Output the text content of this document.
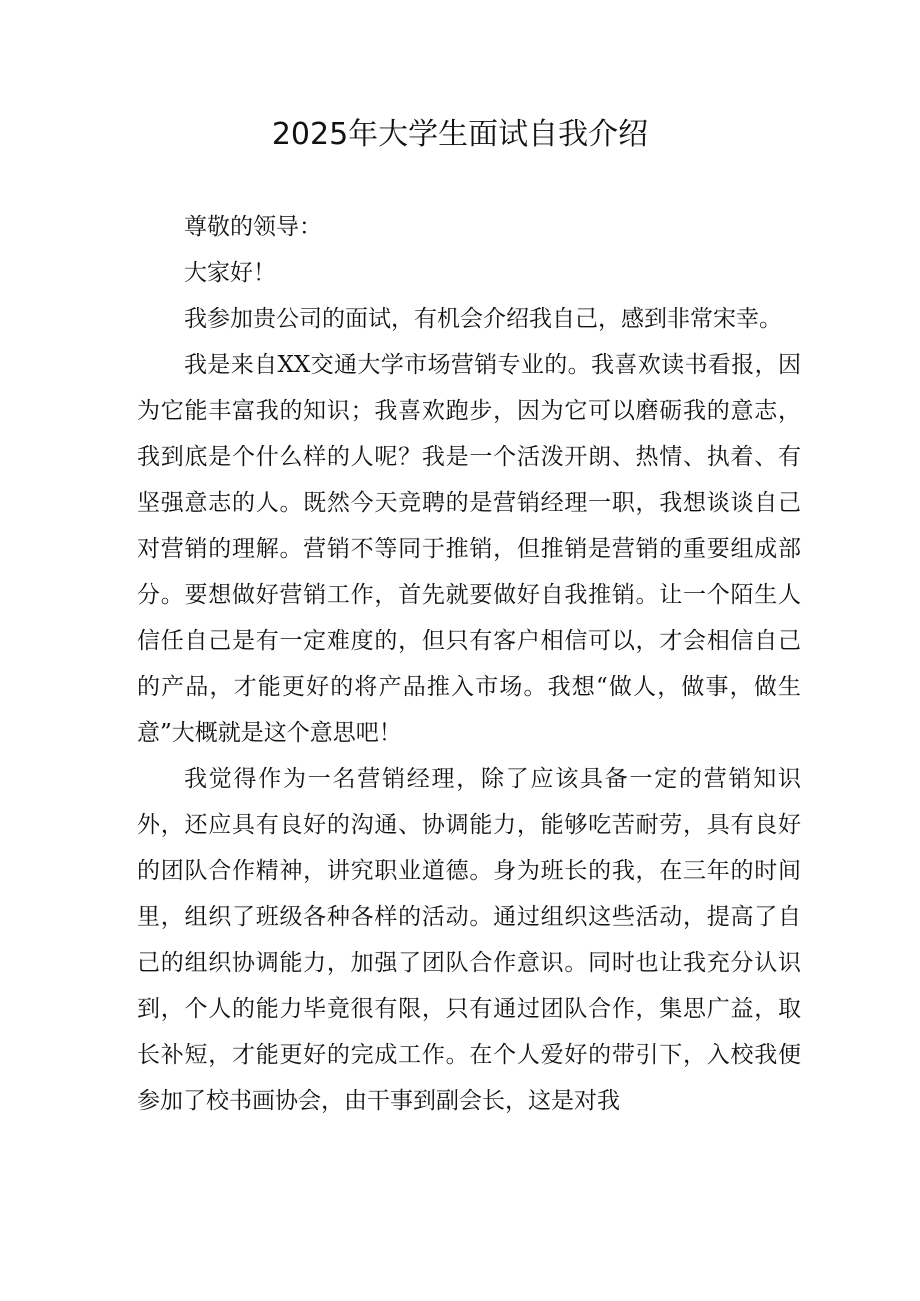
2025年大学生面试自我介绍

尊敬的领导：

大家好！

我参加贵公司的面试，有机会介绍我自己，感到非常宋幸。

我是来自XX交通大学市场营销专业的。我喜欢读书看报，因为它能丰富我的知识；我喜欢跑步，因为它可以磨砺我的意志，我到底是个什么样的人呢？我是一个活泼开朗、热情、执着、有坚强意志的人。既然今天竞聘的是营销经理一职，我想谈谈自己对营销的理解。营销不等同于推销，但推销是营销的重要组成部分。要想做好营销工作，首先就要做好自我推销。让一个陌生人信任自己是有一定难度的，但只有客户相信可以，才会相信自己的产品，才能更好的将产品推入市场。我想“做人，做事，做生意”大概就是这个意思吧！

我觉得作为一名营销经理，除了应该具备一定的营销知识外，还应具有良好的沟通、协调能力，能够吃苦耐劳，具有良好的团队合作精神，讲究职业道德。身为班长的我，在三年的时间里，组织了班级各种各样的活动。通过组织这些活动，提高了自己的组织协调能力，加强了团队合作意识。同时也让我充分认识到，个人的能力毕竟很有限，只有通过团队合作，集思广益，取长补短，才能更好的完成工作。在个人爱好的带引下，入校我便参加了校书画协会，由干事到副会长，这是对我
